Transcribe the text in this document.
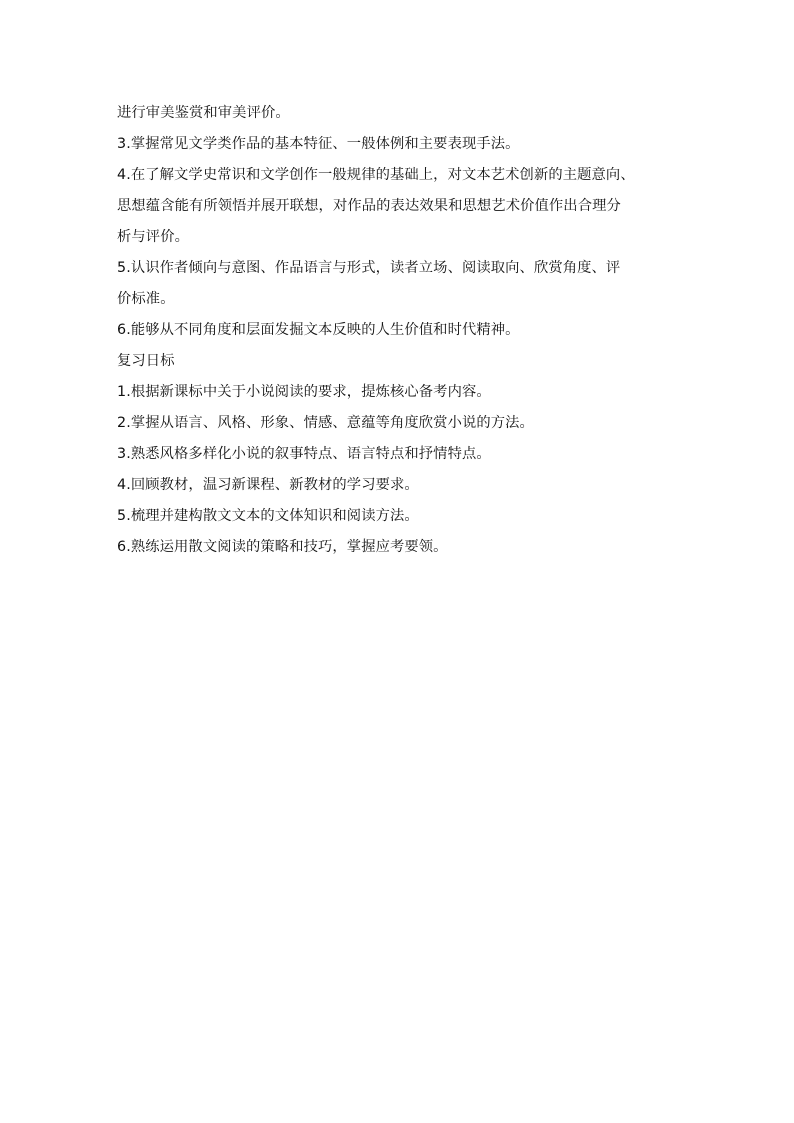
进行审美鉴赏和审美评价。
3.掌握常见文学类作品的基本特征、一般体例和主要表现手法。
4.在了解文学史常识和文学创作一般规律的基础上，对文本艺术创新的主题意向、
思想蕴含能有所领悟并展开联想，对作品的表达效果和思想艺术价值作出合理分
析与评价。
5.认识作者倾向与意图、作品语言与形式，读者立场、阅读取向、欣赏角度、评
价标准。
6.能够从不同角度和层面发掘文本反映的人生价值和时代精神。
复习日标
1.根据新课标中关于小说阅读的要求，提炼核心备考内容。
2.掌握从语言、风格、形象、情感、意蕴等角度欣赏小说的方法。
3.熟悉风格多样化小说的叙事特点、语言特点和抒情特点。
4.回顾教材，温习新课程、新教材的学习要求。
5.梳理并建构散文文本的文体知识和阅读方法。
6.熟练运用散文阅读的策略和技巧，掌握应考要领。
